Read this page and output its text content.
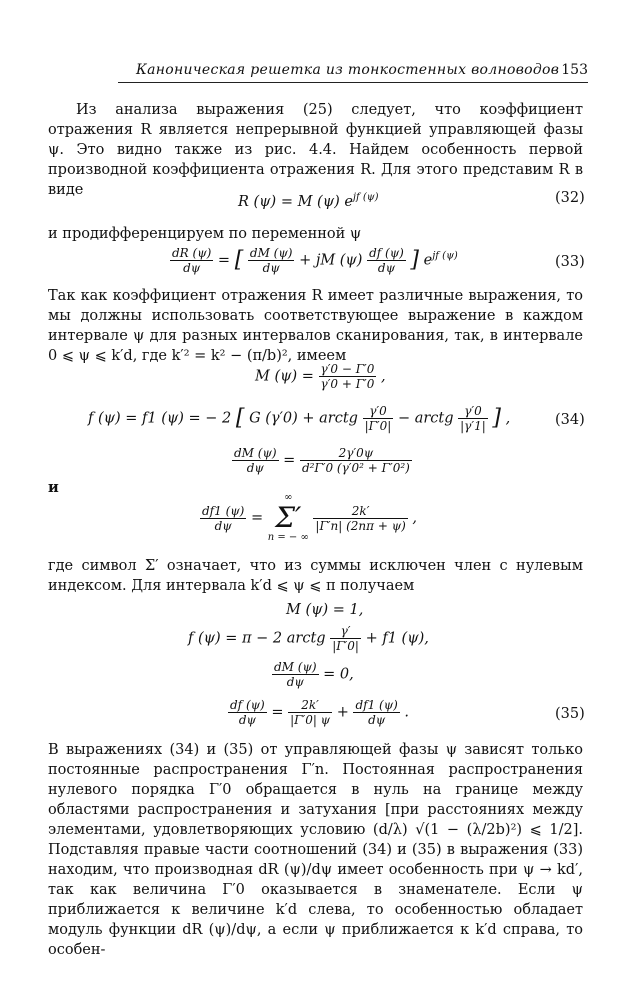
Каноническая решетка из тонкостенных волноводов 153
Из анализа выражения (25) следует, что коэффициент отражения R является непрерывной функцией управляющей фазы ψ. Это видно также из рис. 4.4. Найдем особенность первой производной коэффициента отражения R. Для этого представим R в виде
R (ψ) = M (ψ) $e^{jf (\psi)}$	(32)
и продифференцируем по переменной ψ
$\frac{dR (\psi)}{d\psi}$ = [ $\frac{dM (\psi)}{d\psi}$ + jM $(\psi) \frac{df (\psi)}{d\psi}$ ] $e^{jf (\psi)}$	(33)
Так как коэффициент отражения R имеет различные выражения, то мы должны использовать соответствующее выражение в каждом интервале ψ для разных интервалов сканирования, так, в интервале 0 ⩽ ψ ⩽ k′d, где k′² = k² − (π/b)², имеем
M $(\psi) = \frac{\gamma'0 - \Gamma'0}{\gamma'0 + \Gamma'0}$ ,
f (ψ) = f1 (ψ) = − 2 [ G (γ′0) + arctg $\frac{\gamma'0}{|\Gamma'0|}$ − arctg $\frac{\gamma'0}{|\gamma'1|}$ ] ,	(34)
$\frac{dM (\psi)}{d\psi} = \frac{2\gamma'0\psi}{\text{d²Γ′0 (γ′0² + Γ′0²)}}$
и
$\frac{df1 (\psi)}{d\psi}$ = ∞
Σ′
n = − ∞
$\frac{2k'}{|\Gamma'n| (2n\pi + \psi)}$ ,
где символ Σ′ означает, что из суммы исключен член с нулевым индексом. Для интервала k′d ⩽ ψ ⩽ π получаем
M (ψ) = 1,
f (ψ) = π − 2 arctg $\frac{\gamma'}{|\Gamma'0|} + f1$ (ψ),
$\frac{dM (\psi)}{d\psi} = 0$,
$\frac{df (\psi)}{d\psi} = \frac{2k'}{|\Gamma'0| \psi} + \frac{df1 (\psi)}{d\psi}$ .	(35)
В выражениях (34) и (35) от управляющей фазы ψ зависят только постоянные распространения Γ′n. Постоянная распространения нулевого порядка Γ′0 обращается в нуль на границе между областями распространения и затухания [при расстояниях между элементами, удовлетворяющих условию (d/λ) √(1 − (λ/2b)²) ⩽ 1/2]. Подставляя правые части соотношений (34) и (35) в выражения (33) находим, что производная dR (ψ)/dψ имеет особенность при ψ → kd′, так как величина Γ′0 оказывается в знаменателе. Если ψ приближается к величине k′d слева, то особенностью обладает модуль функции dR (ψ)/dψ, а если ψ приближается к k′d справа, то особен-
